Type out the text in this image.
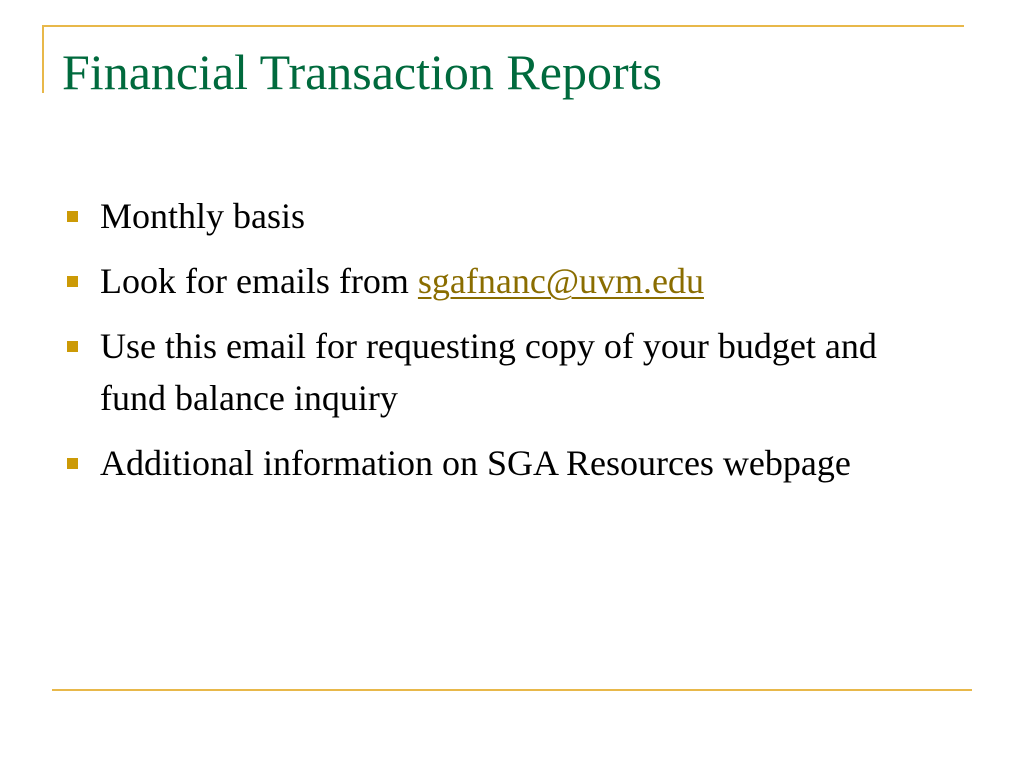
Financial Transaction Reports
Monthly basis
Look for emails from sgafnanc@uvm.edu
Use this email for requesting copy of your budget and fund balance inquiry
Additional information on SGA Resources webpage
